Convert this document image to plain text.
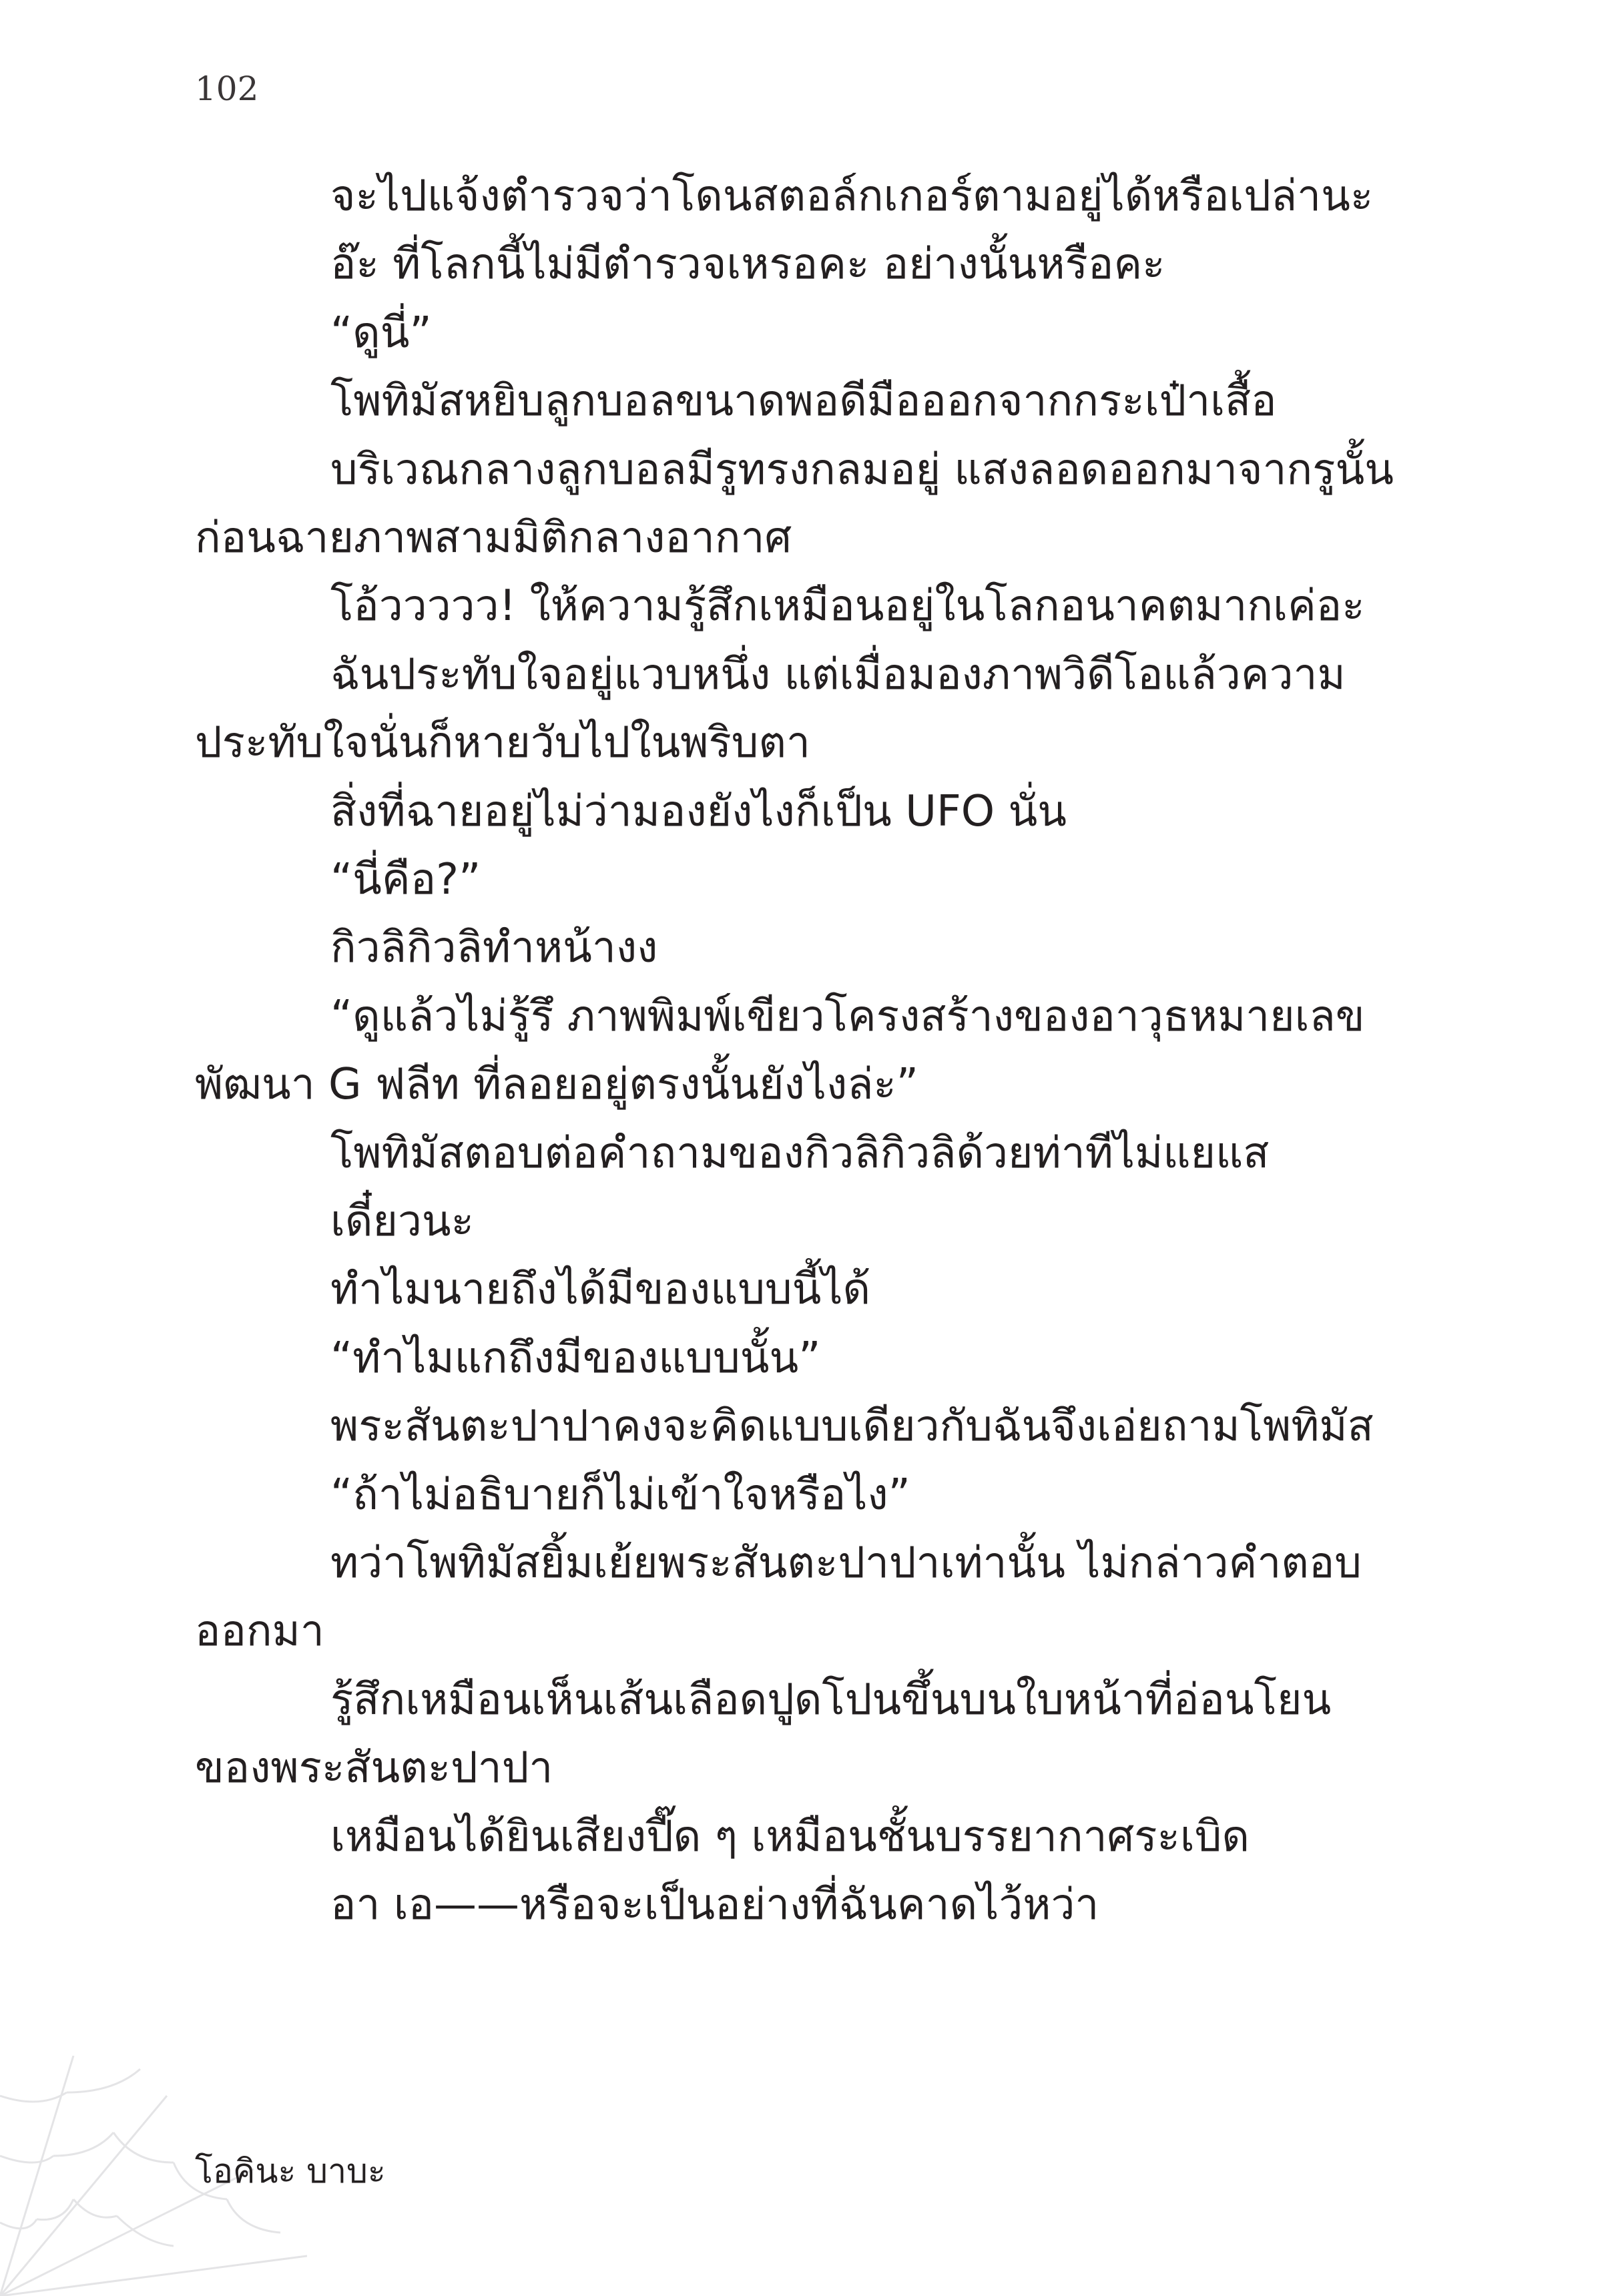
102
จะไปแจ้งตำรวจว่าโดนสตอล์กเกอร์ตามอยู่ได้หรือเปล่านะ
อ๊ะ ที่โลกนี้ไม่มีตำรวจเหรอคะ อย่างนั้นหรือคะ
“ดูนี่”
โพทิมัสหยิบลูกบอลขนาดพอดีมือออกจากกระเป๋าเสื้อ
บริเวณกลางลูกบอลมีรูทรงกลมอยู่ แสงลอดออกมาจากรูนั้น
ก่อนฉายภาพสามมิติกลางอากาศ
โอ้ววววว! ให้ความรู้สึกเหมือนอยู่ในโลกอนาคตมากเค่อะ
ฉันประทับใจอยู่แวบหนึ่ง แต่เมื่อมองภาพวิดีโอแล้วความ
ประทับใจนั่นก็หายวับไปในพริบตา
สิ่งที่ฉายอยู่ไม่ว่ามองยังไงก็เป็น UFO นั่น
“นี่คือ?”
กิวลิกิวลิทำหน้างง
“ดูแล้วไม่รู้รึ ภาพพิมพ์เขียวโครงสร้างของอาวุธหมายเลข
พัฒนา G ฟลีท ที่ลอยอยู่ตรงนั้นยังไงล่ะ”
โพทิมัสตอบต่อคำถามของกิวลิกิวลิด้วยท่าทีไม่แยแส
เดี๋ยวนะ
ทำไมนายถึงได้มีของแบบนี้ได้
“ทำไมแกถึงมีของแบบนั้น”
พระสันตะปาปาคงจะคิดแบบเดียวกับฉันจึงเอ่ยถามโพทิมัส
“ถ้าไม่อธิบายก็ไม่เข้าใจหรือไง”
ทว่าโพทิมัสยิ้มเย้ยพระสันตะปาปาเท่านั้น ไม่กล่าวคำตอบ
ออกมา
รู้สึกเหมือนเห็นเส้นเลือดปูดโปนขึ้นบนใบหน้าที่อ่อนโยน
ของพระสันตะปาปา
เหมือนได้ยินเสียงปี๊ด ๆ เหมือนชั้นบรรยากาศระเบิด
อา เอ——หรือจะเป็นอย่างที่ฉันคาดไว้หว่า
โอคินะ บาบะ
